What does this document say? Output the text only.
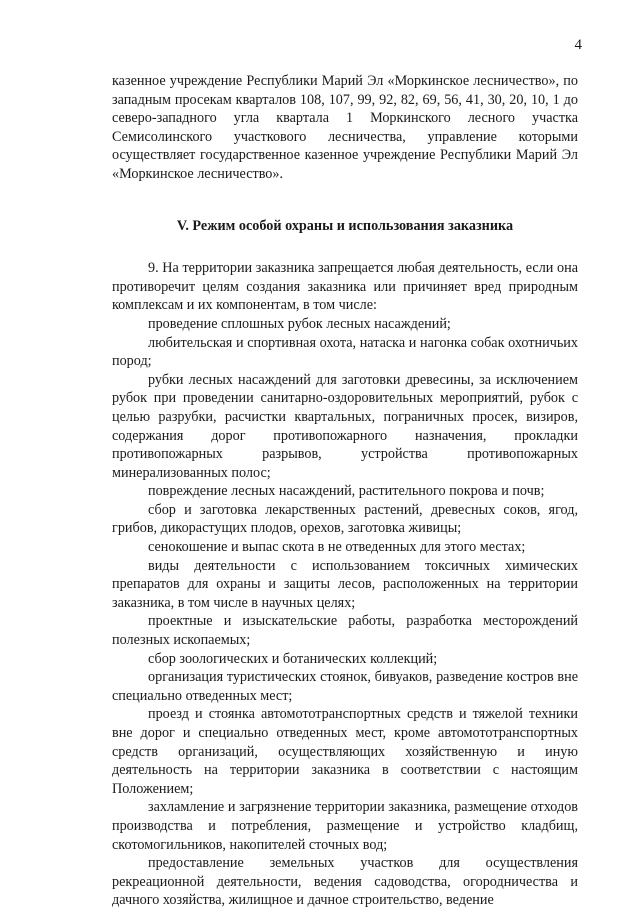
4

казенное учреждение Республики Марий Эл «Моркинское лесничество», по западным просекам кварталов 108, 107, 99, 92, 82, 69, 56, 41, 30, 20, 10, 1 до северо-западного угла квартала 1 Моркинского лесного участка Семисолинского участкового лесничества, управление которыми осуществляет государственное казенное учреждение Республики Марий Эл «Моркинское лесничество».

V. Режим особой охраны и использования заказника

9. На территории заказника запрещается любая деятельность, если она противоречит целям создания заказника или причиняет вред природным комплексам и их компонентам, в том числе:

проведение сплошных рубок лесных насаждений;

любительская и спортивная охота, натаска и нагонка собак охотничьих пород;

рубки лесных насаждений для заготовки древесины, за исключением рубок при проведении санитарно-оздоровительных мероприятий, рубок с целью разрубки, расчистки квартальных, пограничных просек, визиров, содержания дорог противопожарного назначения, прокладки противопожарных разрывов, устройства противопожарных минерализованных полос;

повреждение лесных насаждений, растительного покрова и почв;

сбор и заготовка лекарственных растений, древесных соков, ягод, грибов, дикорастущих плодов, орехов, заготовка живицы;

сенокошение и выпас скота в не отведенных для этого местах;

виды деятельности с использованием токсичных химических препаратов для охраны и защиты лесов, расположенных на территории заказника, в том числе в научных целях;

проектные и изыскательские работы, разработка месторождений полезных ископаемых;

сбор зоологических и ботанических коллекций;

организация туристических стоянок, бивуаков, разведение костров вне специально отведенных мест;

проезд и стоянка автомототранспортных средств и тяжелой техники вне дорог и специально отведенных мест, кроме автомототранспортных средств организаций, осуществляющих хозяйственную и иную деятельность на территории заказника в соответствии с настоящим Положением;

захламление и загрязнение территории заказника, размещение отходов производства и потребления, размещение и устройство кладбищ, скотомогильников, накопителей сточных вод;

предоставление земельных участков для осуществления рекреационной деятельности, ведения садоводства, огородничества и дачного хозяйства, жилищное и дачное строительство, ведение
